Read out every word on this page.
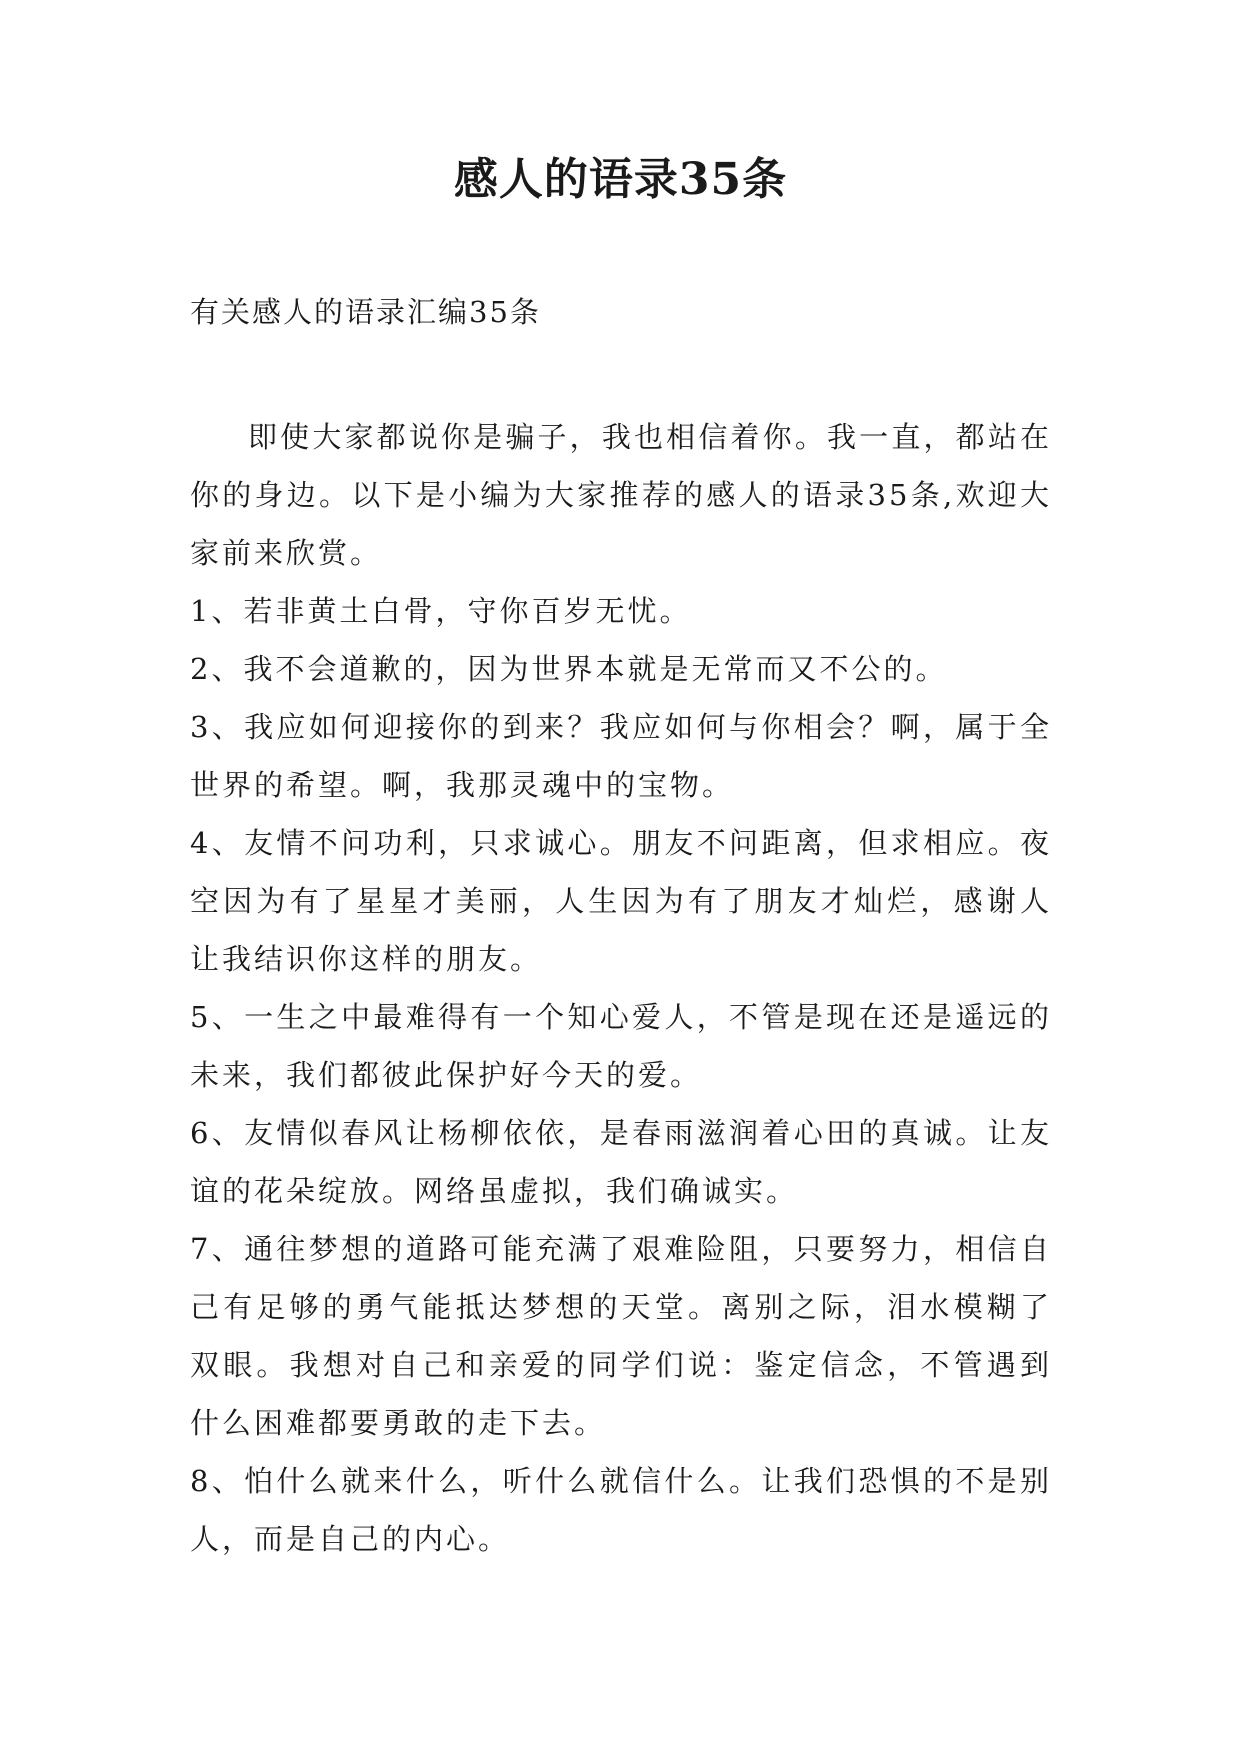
感人的语录35条
有关感人的语录汇编35条

即使大家都说你是骗子，我也相信着你。我一直，都站在你的身边。以下是小编为大家推荐的感人的语录35条,欢迎大家前来欣赏。

1、若非黄土白骨，守你百岁无忧。

2、我不会道歉的，因为世界本就是无常而又不公的。

3、我应如何迎接你的到来？我应如何与你相会？啊，属于全世界的希望。啊，我那灵魂中的宝物。

4、友情不问功利，只求诚心。朋友不问距离，但求相应。夜空因为有了星星才美丽，人生因为有了朋友才灿烂，感谢人让我结识你这样的朋友。

5、一生之中最难得有一个知心爱人，不管是现在还是遥远的未来，我们都彼此保护好今天的爱。

6、友情似春风让杨柳依依，是春雨滋润着心田的真诚。让友谊的花朵绽放。网络虽虚拟，我们确诚实。

7、通往梦想的道路可能充满了艰难险阻，只要努力，相信自己有足够的勇气能抵达梦想的天堂。离别之际，泪水模糊了双眼。我想对自己和亲爱的同学们说：鉴定信念，不管遇到什么困难都要勇敢的走下去。

8、怕什么就来什么，听什么就信什么。让我们恐惧的不是别人，而是自己的内心。
